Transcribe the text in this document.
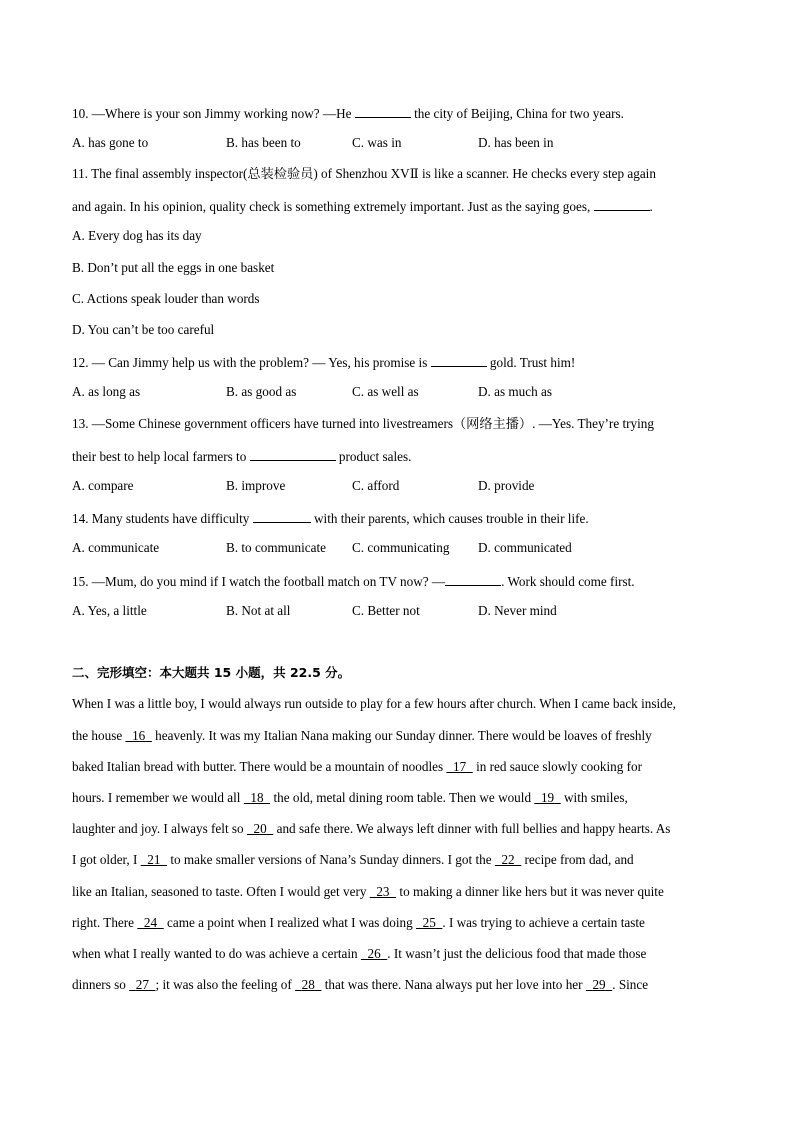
10. —Where is your son Jimmy working now? —He	the city of Beijing, China for two years.
A. has gone to	B. has been to	C. was in	D. has been in
11. The final assembly inspector(总装检验员) of Shenzhou XVⅡ is like a scanner. He checks every step again
and again. In his opinion, quality check is something extremely important. Just as the saying goes,	.
A. Every dog has its day
B. Don’t put all the eggs in one basket
C. Actions speak louder than words
D. You can’t be too careful
12. — Can Jimmy help us with the problem? — Yes, his promise is	gold. Trust him!
A. as long as	B. as good as	C. as well as	D. as much as
13. —Some Chinese government officers have turned into livestreamers（网络主播）. —Yes. They’re trying
their best to help local farmers to	product sales.
A. compare	B. improve	C. afford	D. provide
14. Many students have difficulty	with their parents, which causes trouble in their life.
A. communicate	B. to communicate C. communicating D. communicated
15. —Mum, do you mind if I watch the football match on TV now? —	. Work should come first.
A. Yes, a little	B. Not at all	C. Better not	D. Never mind
二、完形填空：本大题共 15 小题，共 22.5 分。
When I was a little boy, I would always run outside to play for a few hours after church. When I came back inside,
the house   16   heavenly. It was my Italian Nana making our Sunday dinner. There would be loaves of freshly
baked Italian bread with butter. There would be a mountain of noodles   17   in red sauce slowly cooking for
hours. I remember we would all   18   the old, metal dining room table. Then we would   19   with smiles,
laughter and joy. I always felt so   20   and safe there. We always left dinner with full bellies and happy hearts. As
I got older, I   21   to make smaller versions of Nana’s Sunday dinners. I got the   22   recipe from dad, and
like an Italian, seasoned to taste. Often I would get very   23   to making a dinner like hers but it was never quite
right. There   24   came a point when I realized what I was doing   25 . I was trying to achieve a certain taste
when what I really wanted to do was achieve a certain   26 . It wasn’t just the delicious food that made those
dinners so   27 ; it was also the feeling of   28   that was there. Nana always put her love into her   29 . Since
